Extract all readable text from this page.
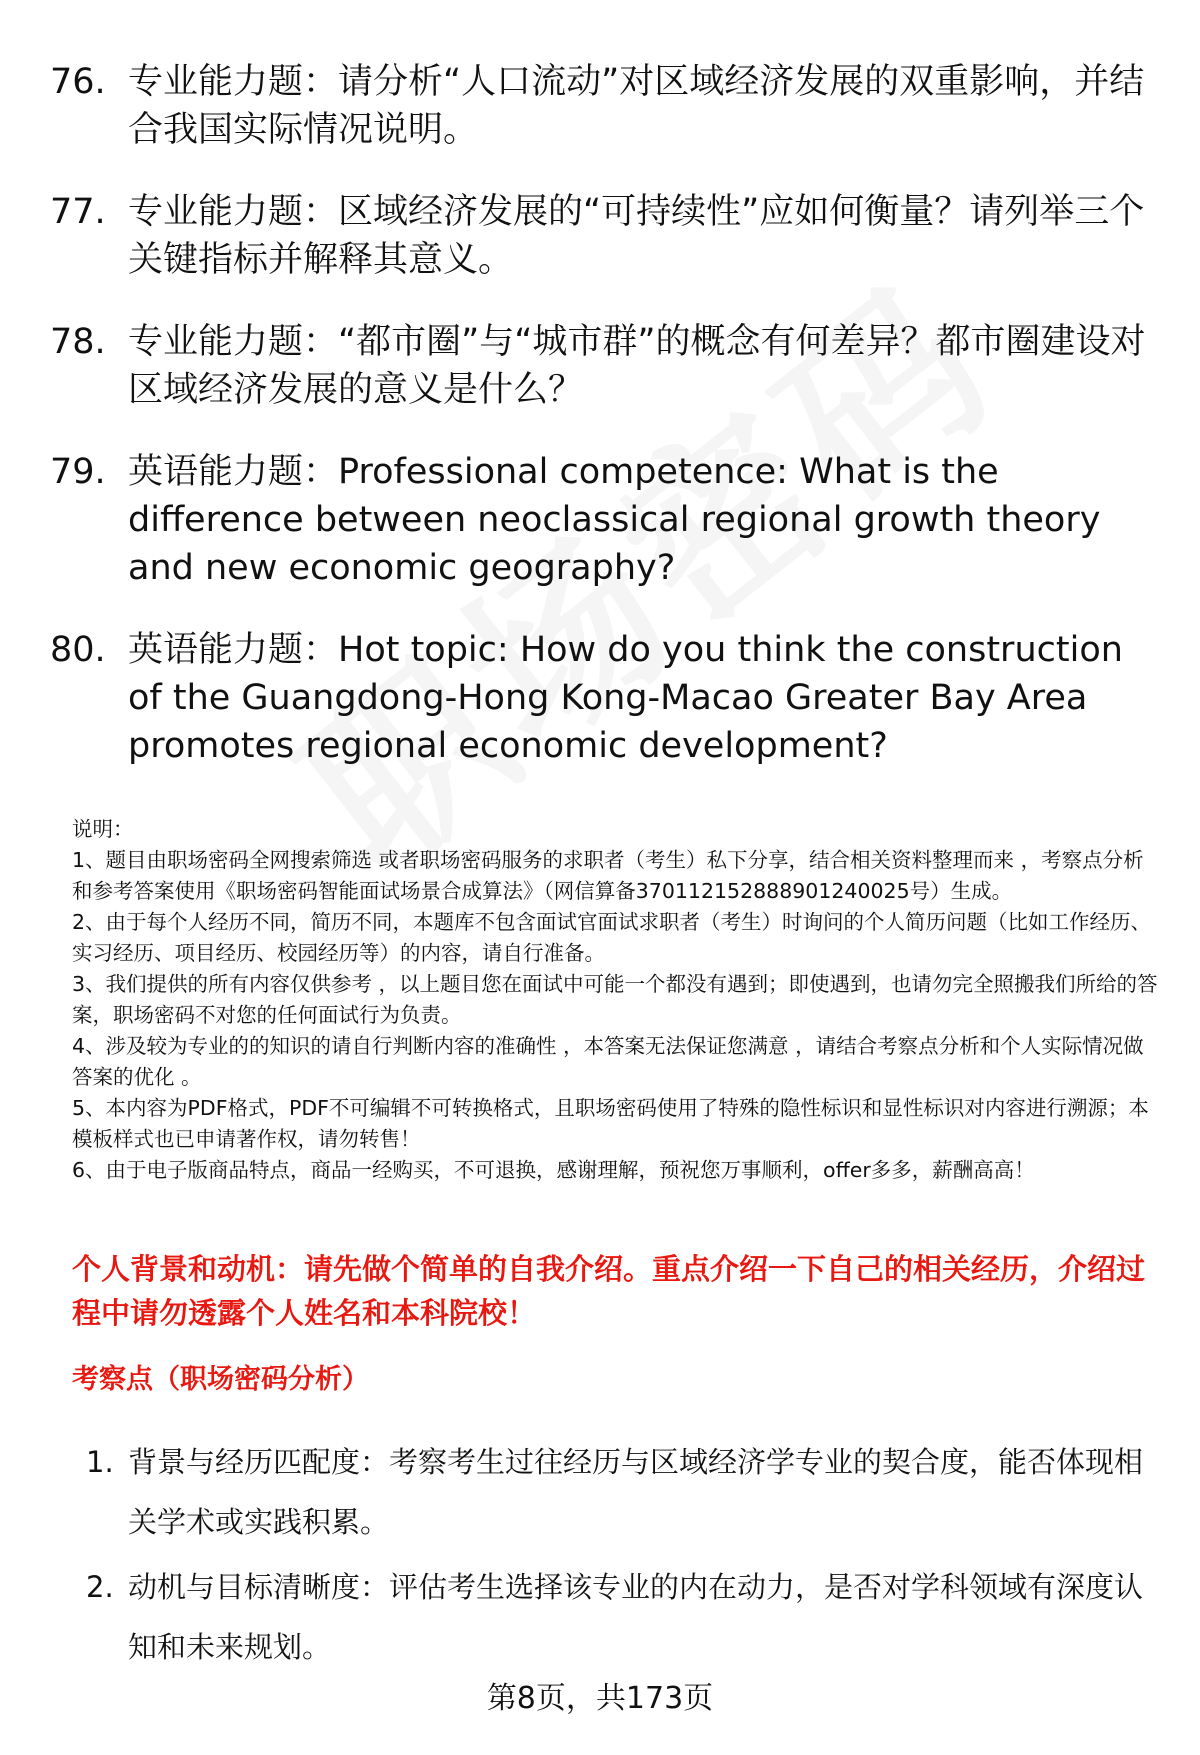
76. 专业能力题：请分析“人口流动”对区域经济发展的双重影响，并结合我国实际情况说明。
77. 专业能力题：区域经济发展的“可持续性”应如何衡量？请列举三个关键指标并解释其意义。
78. 专业能力题：“都市圈”与“城市群”的概念有何差异？都市圈建设对区域经济发展的意义是什么？
79. 英语能力题：Professional competence: What is the difference between neoclassical regional growth theory and new economic geography?
80. 英语能力题：Hot topic: How do you think the construction of the Guangdong-Hong Kong-Macao Greater Bay Area promotes regional economic development?

说明：

1、题目由职场密码全网搜索筛选 或者职场密码服务的求职者（考生）私下分享，结合相关资料整理而来 ，考察点分析和参考答案使用《职场密码智能面试场景合成算法》（网信算备370112152888901240025号）生成。

2、由于每个人经历不同，简历不同，本题库不包含面试官面试求职者（考生）时询问的个人简历问题（比如工作经历、实习经历、项目经历、校园经历等）的内容，请自行准备。

3、我们提供的所有内容仅供参考 ，以上题目您在面试中可能一个都没有遇到；即使遇到，也请勿完全照搬我们所给的答案，职场密码不对您的任何面试行为负责。

4、涉及较为专业的的知识的请自行判断内容的准确性 ，本答案无法保证您满意 ，请结合考察点分析和个人实际情况做答案的优化 。

5、本内容为PDF格式，PDF不可编辑不可转换格式，且职场密码使用了特殊的隐性标识和显性标识对内容进行溯源；本模板样式也已申请著作权，请勿转售！

6、由于电子版商品特点，商品一经购买，不可退换，感谢理解，预祝您万事顺利，offer多多，薪酬高高！

个人背景和动机：请先做个简单的自我介绍。重点介绍一下自己的相关经历，介绍过程中请勿透露个人姓名和本科院校！
考察点（职场密码分析）
1. 背景与经历匹配度：考察考生过往经历与区域经济学专业的契合度，能否体现相关学术或实践积累。
2. 动机与目标清晰度：评估考生选择该专业的内在动力，是否对学科领域有深度认知和未来规划。
第8页，共173页
